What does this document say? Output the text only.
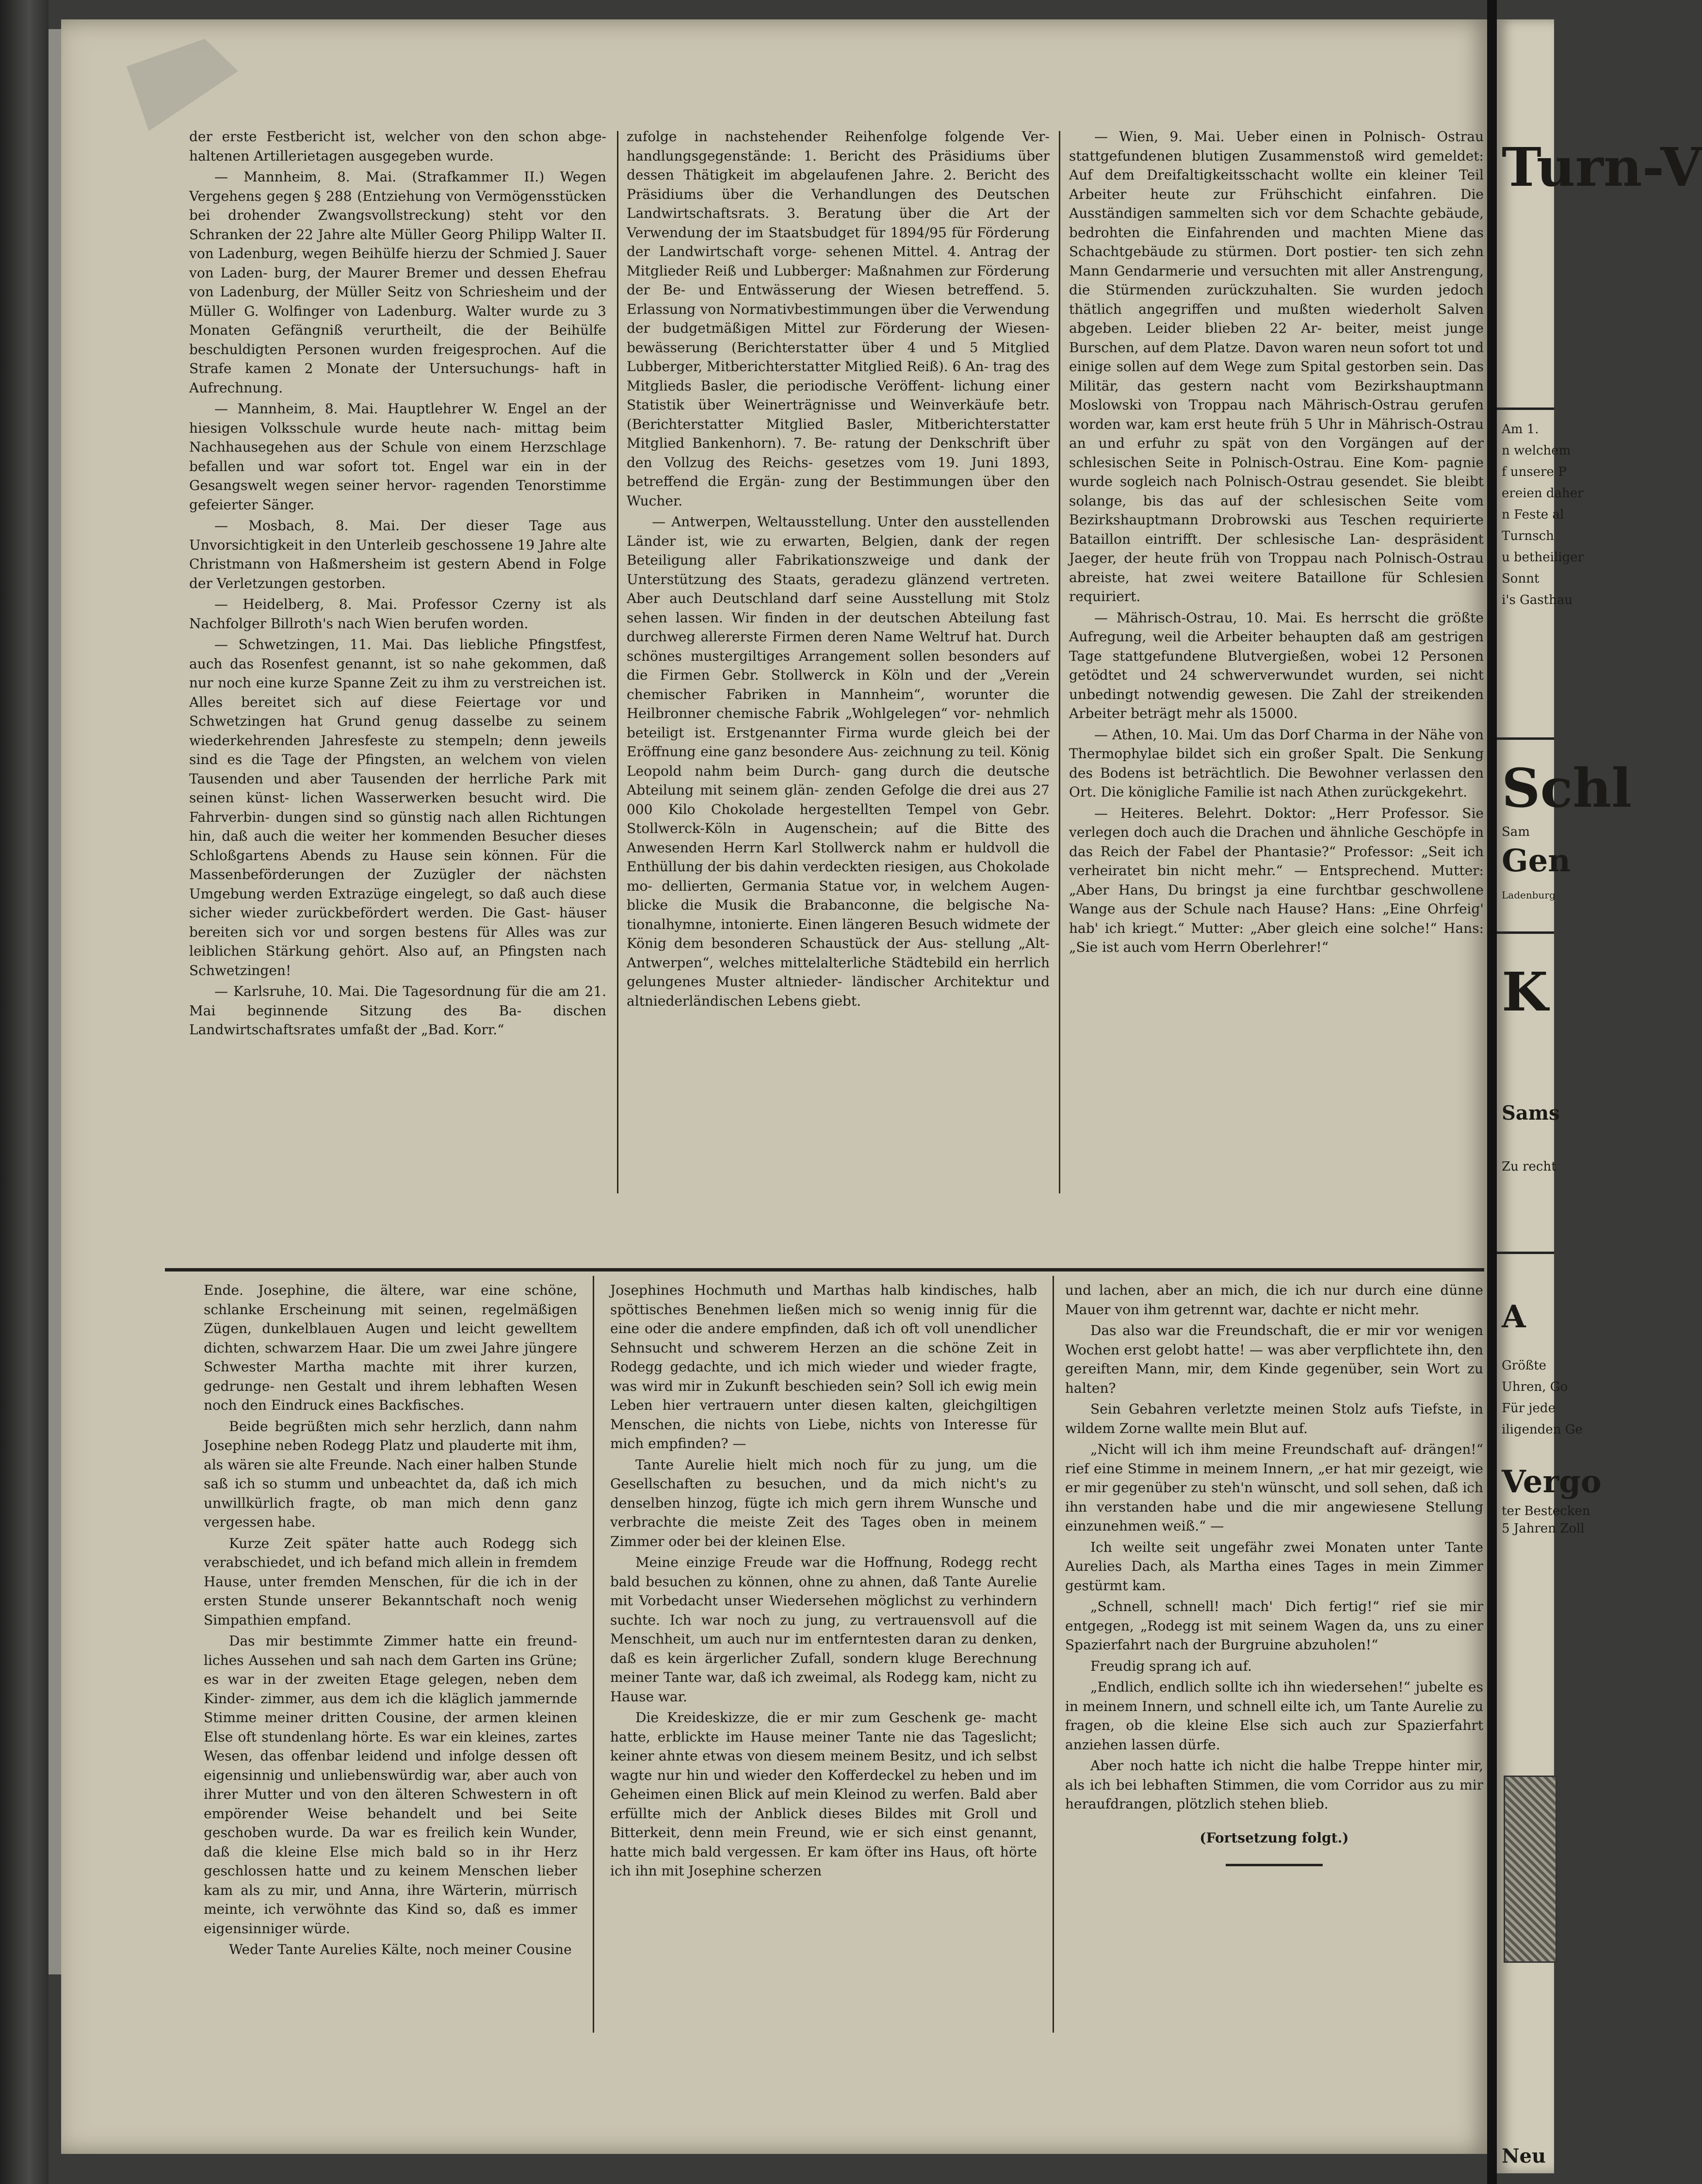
der erste Festbericht ist, welcher von den schon abge- haltenen Artillerietagen ausgegeben wurde.

— Mannheim, 8. Mai. (Strafkammer II.) Wegen Vergehens gegen § 288 (Entziehung von Vermögensstücken bei drohender Zwangsvollstreckung) steht vor den Schranken der 22 Jahre alte Müller Georg Philipp Walter II. von Ladenburg, wegen Beihülfe hierzu der Schmied J. Sauer von Laden- burg, der Maurer Bremer und dessen Ehefrau von Ladenburg, der Müller Seitz von Schriesheim und der Müller G. Wolfinger von Ladenburg. Walter wurde zu 3 Monaten Gefängniß verurtheilt, die der Beihülfe beschuldigten Personen wurden freigesprochen. Auf die Strafe kamen 2 Monate der Untersuchungs- haft in Aufrechnung.

— Mannheim, 8. Mai. Hauptlehrer W. Engel an der hiesigen Volksschule wurde heute nach- mittag beim Nachhausegehen aus der Schule von einem Herzschlage befallen und war sofort tot. Engel war ein in der Gesangswelt wegen seiner hervor- ragenden Tenorstimme gefeierter Sänger.

— Mosbach, 8. Mai. Der dieser Tage aus Unvorsichtigkeit in den Unterleib geschossene 19 Jahre alte Christmann von Haßmersheim ist gestern Abend in Folge der Verletzungen gestorben.

— Heidelberg, 8. Mai. Professor Czerny ist als Nachfolger Billroth's nach Wien berufen worden.

— Schwetzingen, 11. Mai. Das liebliche Pfingstfest, auch das Rosenfest genannt, ist so nahe gekommen, daß nur noch eine kurze Spanne Zeit zu ihm zu verstreichen ist. Alles bereitet sich auf diese Feiertage vor und Schwetzingen hat Grund genug dasselbe zu seinem wiederkehrenden Jahresfeste zu stempeln; denn jeweils sind es die Tage der Pfingsten, an welchem von vielen Tausenden und aber Tausenden der herrliche Park mit seinen künst- lichen Wasserwerken besucht wird. Die Fahrverbin- dungen sind so günstig nach allen Richtungen hin, daß auch die weiter her kommenden Besucher dieses Schloßgartens Abends zu Hause sein können. Für die Massenbeförderungen der Zuzügler der nächsten Umgebung werden Extrazüge eingelegt, so daß auch diese sicher wieder zurückbefördert werden. Die Gast- häuser bereiten sich vor und sorgen bestens für Alles was zur leiblichen Stärkung gehört. Also auf, an Pfingsten nach Schwetzingen!

— Karlsruhe, 10. Mai. Die Tagesordnung für die am 21. Mai beginnende Sitzung des Ba- dischen Landwirtschaftsrates umfaßt der „Bad. Korr.“

zufolge in nachstehender Reihenfolge folgende Ver- handlungsgegenstände: 1. Bericht des Präsidiums über dessen Thätigkeit im abgelaufenen Jahre. 2. Bericht des Präsidiums über die Verhandlungen des Deutschen Landwirtschaftsrats. 3. Beratung über die Art der Verwendung der im Staatsbudget für 1894/95 für Förderung der Landwirtschaft vorge- sehenen Mittel. 4. Antrag der Mitglieder Reiß und Lubberger: Maßnahmen zur Förderung der Be- und Entwässerung der Wiesen betreffend. 5. Erlassung von Normativbestimmungen über die Verwendung der budgetmäßigen Mittel zur Förderung der Wiesen- bewässerung (Berichterstatter über 4 und 5 Mitglied Lubberger, Mitberichterstatter Mitglied Reiß). 6 An- trag des Mitglieds Basler, die periodische Veröffent- lichung einer Statistik über Weinerträgnisse und Weinverkäufe betr. (Berichterstatter Mitglied Basler, Mitberichterstatter Mitglied Bankenhorn). 7. Be- ratung der Denkschrift über den Vollzug des Reichs- gesetzes vom 19. Juni 1893, betreffend die Ergän- zung der Bestimmungen über den Wucher.

— Antwerpen, Weltausstellung. Unter den ausstellenden Länder ist, wie zu erwarten, Belgien, dank der regen Beteiligung aller Fabrikationszweige und dank der Unterstützung des Staats, geradezu glänzend vertreten. Aber auch Deutschland darf seine Ausstellung mit Stolz sehen lassen. Wir finden in der deutschen Abteilung fast durchweg allererste Firmen deren Name Weltruf hat. Durch schönes mustergiltiges Arrangement sollen besonders auf die Firmen Gebr. Stollwerck in Köln und der „Verein chemischer Fabriken in Mannheim“, worunter die Heilbronner chemische Fabrik „Wohlgelegen“ vor- nehmlich beteiligt ist. Erstgenannter Firma wurde gleich bei der Eröffnung eine ganz besondere Aus- zeichnung zu teil. König Leopold nahm beim Durch- gang durch die deutsche Abteilung mit seinem glän- zenden Gefolge die drei aus 27 000 Kilo Chokolade hergestellten Tempel von Gebr. Stollwerck-Köln in Augenschein; auf die Bitte des Anwesenden Herrn Karl Stollwerck nahm er huldvoll die Enthüllung der bis dahin verdeckten riesigen, aus Chokolade mo- dellierten, Germania Statue vor, in welchem Augen- blicke die Musik die Brabanconne, die belgische Na- tionalhymne, intonierte. Einen längeren Besuch widmete der König dem besonderen Schaustück der Aus- stellung „Alt-Antwerpen“, welches mittelalterliche Städtebild ein herrlich gelungenes Muster altnieder- ländischer Architektur und altniederländischen Lebens giebt.

— Wien, 9. Mai. Ueber einen in Polnisch- Ostrau stattgefundenen blutigen Zusammenstoß wird gemeldet: Auf dem Dreifaltigkeitsschacht wollte ein kleiner Teil Arbeiter heute zur Frühschicht einfahren. Die Ausständigen sammelten sich vor dem Schachte gebäude, bedrohten die Einfahrenden und machten Miene das Schachtgebäude zu stürmen. Dort postier- ten sich zehn Mann Gendarmerie und versuchten mit aller Anstrengung, die Stürmenden zurückzuhalten. Sie wurden jedoch thätlich angegriffen und mußten wiederholt Salven abgeben. Leider blieben 22 Ar- beiter, meist junge Burschen, auf dem Platze. Davon waren neun sofort tot und einige sollen auf dem Wege zum Spital gestorben sein. Das Militär, das gestern nacht vom Bezirkshauptmann Moslowski von Troppau nach Mährisch-Ostrau gerufen worden war, kam erst heute früh 5 Uhr in Mährisch-Ostrau an und erfuhr zu spät von den Vorgängen auf der schlesischen Seite in Polnisch-Ostrau. Eine Kom- pagnie wurde sogleich nach Polnisch-Ostrau gesendet. Sie bleibt solange, bis das auf der schlesischen Seite vom Bezirkshauptmann Drobrowski aus Teschen requirierte Bataillon eintrifft. Der schlesische Lan- despräsident Jaeger, der heute früh von Troppau nach Polnisch-Ostrau abreiste, hat zwei weitere Bataillone für Schlesien requiriert.

— Mährisch-Ostrau, 10. Mai. Es herrscht die größte Aufregung, weil die Arbeiter behaupten daß am gestrigen Tage stattgefundene Blutvergießen, wobei 12 Personen getödtet und 24 schwerverwundet wurden, sei nicht unbedingt notwendig gewesen. Die Zahl der streikenden Arbeiter beträgt mehr als 15000.

— Athen, 10. Mai. Um das Dorf Charma in der Nähe von Thermophylae bildet sich ein großer Spalt. Die Senkung des Bodens ist beträchtlich. Die Bewohner verlassen den Ort. Die königliche Familie ist nach Athen zurückgekehrt.

— Heiteres. Belehrt. Doktor: „Herr Professor. Sie verlegen doch auch die Drachen und ähnliche Geschöpfe in das Reich der Fabel der Phantasie?“ Professor: „Seit ich verheiratet bin nicht mehr.“ — Entsprechend. Mutter: „Aber Hans, Du bringst ja eine furchtbar geschwollene Wange aus der Schule nach Hause? Hans: „Eine Ohrfeig' hab' ich kriegt.“ Mutter: „Aber gleich eine solche!“ Hans: „Sie ist auch vom Herrn Oberlehrer!“

Ende. Josephine, die ältere, war eine schöne, schlanke Erscheinung mit seinen, regelmäßigen Zügen, dunkelblauen Augen und leicht gewelltem dichten, schwarzem Haar. Die um zwei Jahre jüngere Schwester Martha machte mit ihrer kurzen, gedrunge- nen Gestalt und ihrem lebhaften Wesen noch den Eindruck eines Backfisches.

Beide begrüßten mich sehr herzlich, dann nahm Josephine neben Rodegg Platz und plauderte mit ihm, als wären sie alte Freunde. Nach einer halben Stunde saß ich so stumm und unbeachtet da, daß ich mich unwillkürlich fragte, ob man mich denn ganz vergessen habe.

Kurze Zeit später hatte auch Rodegg sich verabschiedet, und ich befand mich allein in fremdem Hause, unter fremden Menschen, für die ich in der ersten Stunde unserer Bekanntschaft noch wenig Simpathien empfand.

Das mir bestimmte Zimmer hatte ein freund- liches Aussehen und sah nach dem Garten ins Grüne; es war in der zweiten Etage gelegen, neben dem Kinder- zimmer, aus dem ich die kläglich jammernde Stimme meiner dritten Cousine, der armen kleinen Else oft stundenlang hörte. Es war ein kleines, zartes Wesen, das offenbar leidend und infolge dessen oft eigensinnig und unliebenswürdig war, aber auch von ihrer Mutter und von den älteren Schwestern in oft empörender Weise behandelt und bei Seite geschoben wurde. Da war es freilich kein Wunder, daß die kleine Else mich bald so in ihr Herz geschlossen hatte und zu keinem Menschen lieber kam als zu mir, und Anna, ihre Wärterin, mürrisch meinte, ich verwöhnte das Kind so, daß es immer eigensinniger würde.

Weder Tante Aurelies Kälte, noch meiner Cousine

Josephines Hochmuth und Marthas halb kindisches, halb spöttisches Benehmen ließen mich so wenig innig für die eine oder die andere empfinden, daß ich oft voll unendlicher Sehnsucht und schwerem Herzen an die schöne Zeit in Rodegg gedachte, und ich mich wieder und wieder fragte, was wird mir in Zukunft beschieden sein? Soll ich ewig mein Leben hier vertrauern unter diesen kalten, gleichgiltigen Menschen, die nichts von Liebe, nichts von Interesse für mich empfinden? —

Tante Aurelie hielt mich noch für zu jung, um die Gesellschaften zu besuchen, und da mich nicht's zu denselben hinzog, fügte ich mich gern ihrem Wunsche und verbrachte die meiste Zeit des Tages oben in meinem Zimmer oder bei der kleinen Else.

Meine einzige Freude war die Hoffnung, Rodegg recht bald besuchen zu können, ohne zu ahnen, daß Tante Aurelie mit Vorbedacht unser Wiedersehen möglichst zu verhindern suchte. Ich war noch zu jung, zu vertrauensvoll auf die Menschheit, um auch nur im entferntesten daran zu denken, daß es kein ärgerlicher Zufall, sondern kluge Berechnung meiner Tante war, daß ich zweimal, als Rodegg kam, nicht zu Hause war.

Die Kreideskizze, die er mir zum Geschenk ge- macht hatte, erblickte im Hause meiner Tante nie das Tageslicht; keiner ahnte etwas von diesem meinem Besitz, und ich selbst wagte nur hin und wieder den Kofferdeckel zu heben und im Geheimen einen Blick auf mein Kleinod zu werfen. Bald aber erfüllte mich der Anblick dieses Bildes mit Groll und Bitterkeit, denn mein Freund, wie er sich einst genannt, hatte mich bald vergessen. Er kam öfter ins Haus, oft hörte ich ihn mit Josephine scherzen

und lachen, aber an mich, die ich nur durch eine dünne Mauer von ihm getrennt war, dachte er nicht mehr.

Das also war die Freundschaft, die er mir vor wenigen Wochen erst gelobt hatte! — was aber verpflichtete ihn, den gereiften Mann, mir, dem Kinde gegenüber, sein Wort zu halten?

Sein Gebahren verletzte meinen Stolz aufs Tiefste, in wildem Zorne wallte mein Blut auf.

„Nicht will ich ihm meine Freundschaft auf- drängen!“ rief eine Stimme in meinem Innern, „er hat mir gezeigt, wie er mir gegenüber zu steh'n wünscht, und soll sehen, daß ich ihn verstanden habe und die mir angewiesene Stellung einzunehmen weiß.“ —

Ich weilte seit ungefähr zwei Monaten unter Tante Aurelies Dach, als Martha eines Tages in mein Zimmer gestürmt kam.

„Schnell, schnell! mach' Dich fertig!“ rief sie mir entgegen, „Rodegg ist mit seinem Wagen da, uns zu einer Spazierfahrt nach der Burgruine abzuholen!“

Freudig sprang ich auf.

„Endlich, endlich sollte ich ihn wiedersehen!“ jubelte es in meinem Innern, und schnell eilte ich, um Tante Aurelie zu fragen, ob die kleine Else sich auch zur Spazierfahrt anziehen lassen dürfe.

Aber noch hatte ich nicht die halbe Treppe hinter mir, als ich bei lebhaften Stimmen, die vom Corridor aus zu mir heraufdrangen, plötzlich stehen blieb.

(Fortsetzung folgt.)
Turn-V
Am 1.
n welchem
f unsere P
ereien daher
n Feste al
Turnsch
u betheiliger
Sonnt
i's Gasthau
Schl
Sam
Gen
Ladenburg
K
Sams
Zu recht
A
Größte
Uhren, Go
Für jede
iligenden Ge
Vergo
ter Bestecken
5 Jahren Zoll
Neu
